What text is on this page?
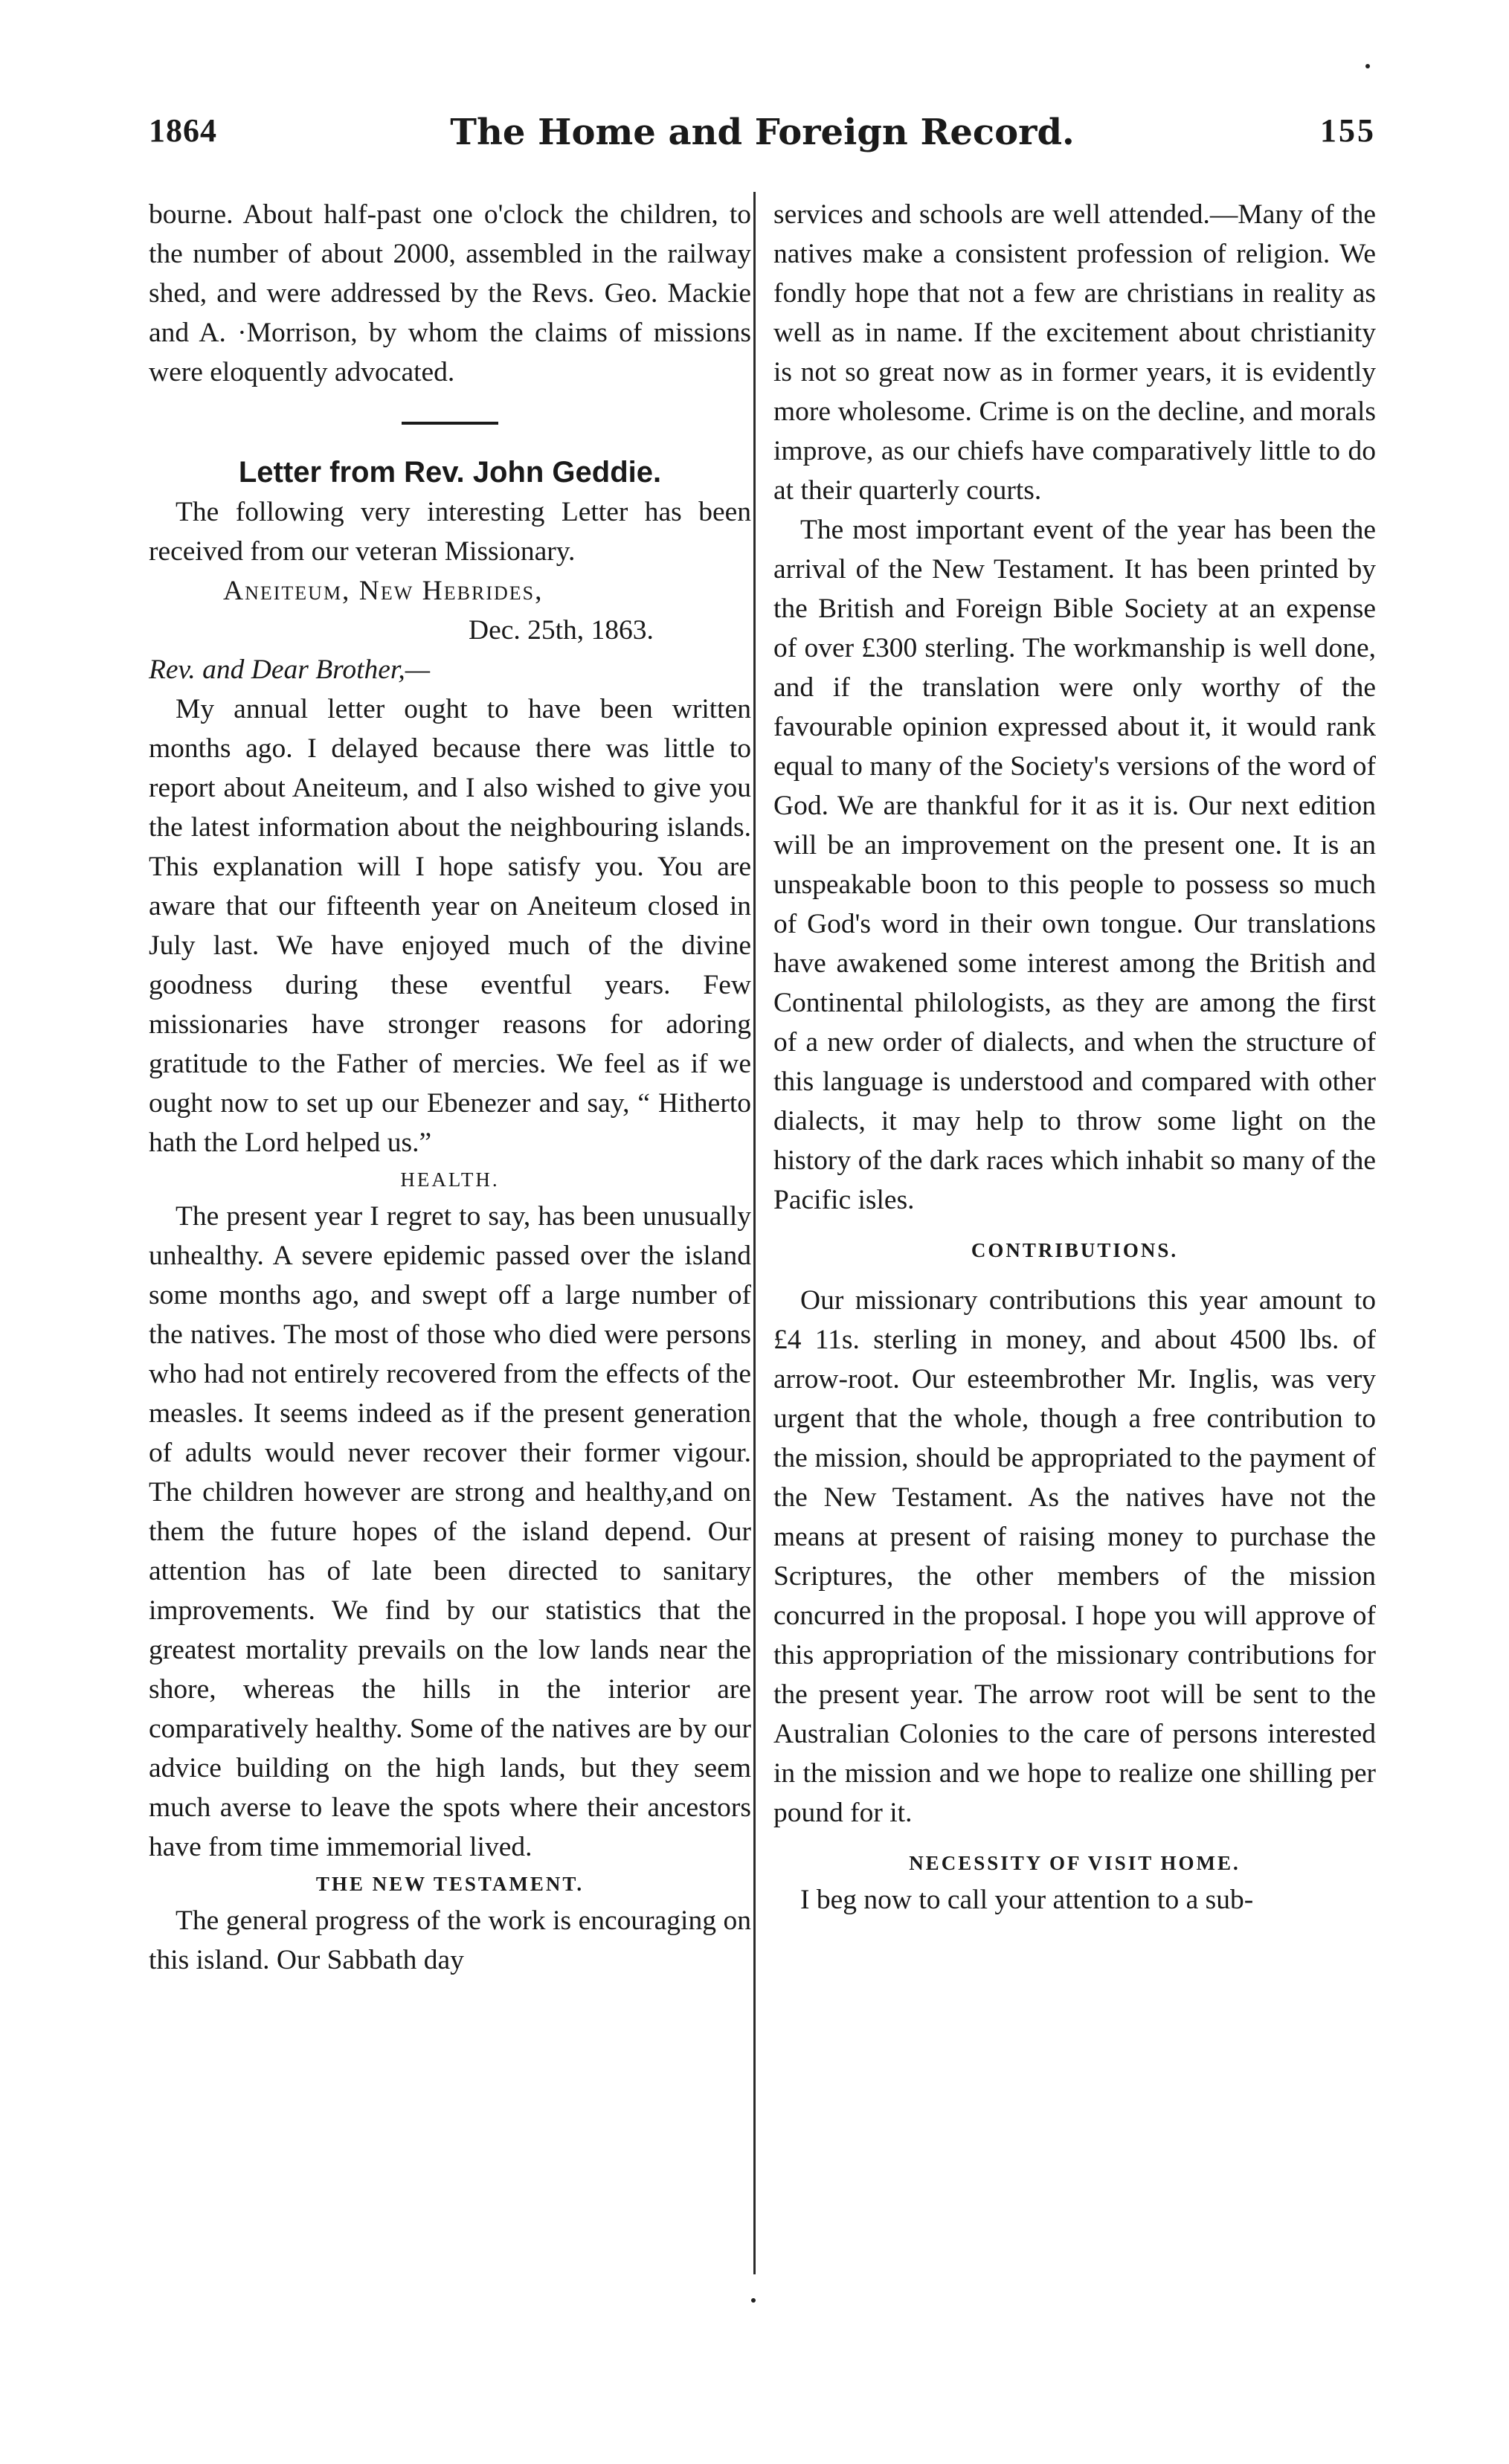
1864	The Home and Foreign Record.	155

bourne. About half-past one o'clock the children, to the number of about 2000, assembled in the railway shed, and were addressed by the Revs. Geo. Mackie and A. ·Morrison, by whom the claims of missions were eloquently advocated.

Letter from Rev. John Geddie.

The following very interesting Letter has been received from our veteran Missionary.

Aneiteum, New Hebrides,

Dec. 25th, 1863.

Rev. and Dear Brother,—

My annual letter ought to have been written months ago. I delayed because there was little to report about Aneiteum, and I also wished to give you the latest information about the neighbouring islands. This explanation will I hope satisfy you. You are aware that our fifteenth year on Aneiteum closed in July last. We have enjoyed much of the divine goodness during these eventful years. Few missionaries have stronger reasons for adoring gratitude to the Father of mercies. We feel as if we ought now to set up our Ebenezer and say, “ Hitherto hath the Lord helped us.”

HEALTH.

The present year I regret to say, has been unusually unhealthy. A severe epidemic passed over the island some months ago, and swept off a large number of the natives. The most of those who died were persons who had not entirely recovered from the effects of the measles. It seems indeed as if the present generation of adults would never recover their former vigour. The children however are strong and healthy,and on them the future hopes of the island depend. Our attention has of late been directed to sanitary improvements. We find by our statistics that the greatest mortality prevails on the low lands near the shore, whereas the hills in the interior are comparatively healthy. Some of the natives are by our advice building on the high lands, but they seem much averse to leave the spots where their ancestors have from time immemorial lived.

THE NEW TESTAMENT.

The general progress of the work is encouraging on this island. Our Sabbath day

services and schools are well attended.—Many of the natives make a consistent profession of religion. We fondly hope that not a few are christians in reality as well as in name. If the excitement about christianity is not so great now as in former years, it is evidently more wholesome. Crime is on the decline, and morals improve, as our chiefs have comparatively little to do at their quarterly courts.

The most important event of the year has been the arrival of the New Testament. It has been printed by the British and Foreign Bible Society at an expense of over £300 sterling. The workmanship is well done, and if the translation were only worthy of the favourable opinion expressed about it, it would rank equal to many of the Society's versions of the word of God. We are thankful for it as it is. Our next edition will be an improvement on the present one. It is an unspeakable boon to this people to possess so much of God's word in their own tongue. Our translations have awakened some interest among the British and Continental philologists, as they are among the first of a new order of dialects, and when the structure of this language is understood and compared with other dialects, it may help to throw some light on the history of the dark races which inhabit so many of the Pacific isles.

CONTRIBUTIONS.

Our missionary contributions this year amount to £4 11s. sterling in money, and about 4500 lbs. of arrow-root. Our esteembrother Mr. Inglis, was very urgent that the whole, though a free contribution to the mission, should be appropriated to the payment of the New Testament. As the natives have not the means at present of raising money to purchase the Scriptures, the other members of the mission concurred in the proposal. I hope you will approve of this appropriation of the missionary contributions for the present year. The arrow root will be sent to the Australian Colonies to the care of persons interested in the mission and we hope to realize one shilling per pound for it.

NECESSITY OF VISIT HOME.

I beg now to call your attention to a sub-
